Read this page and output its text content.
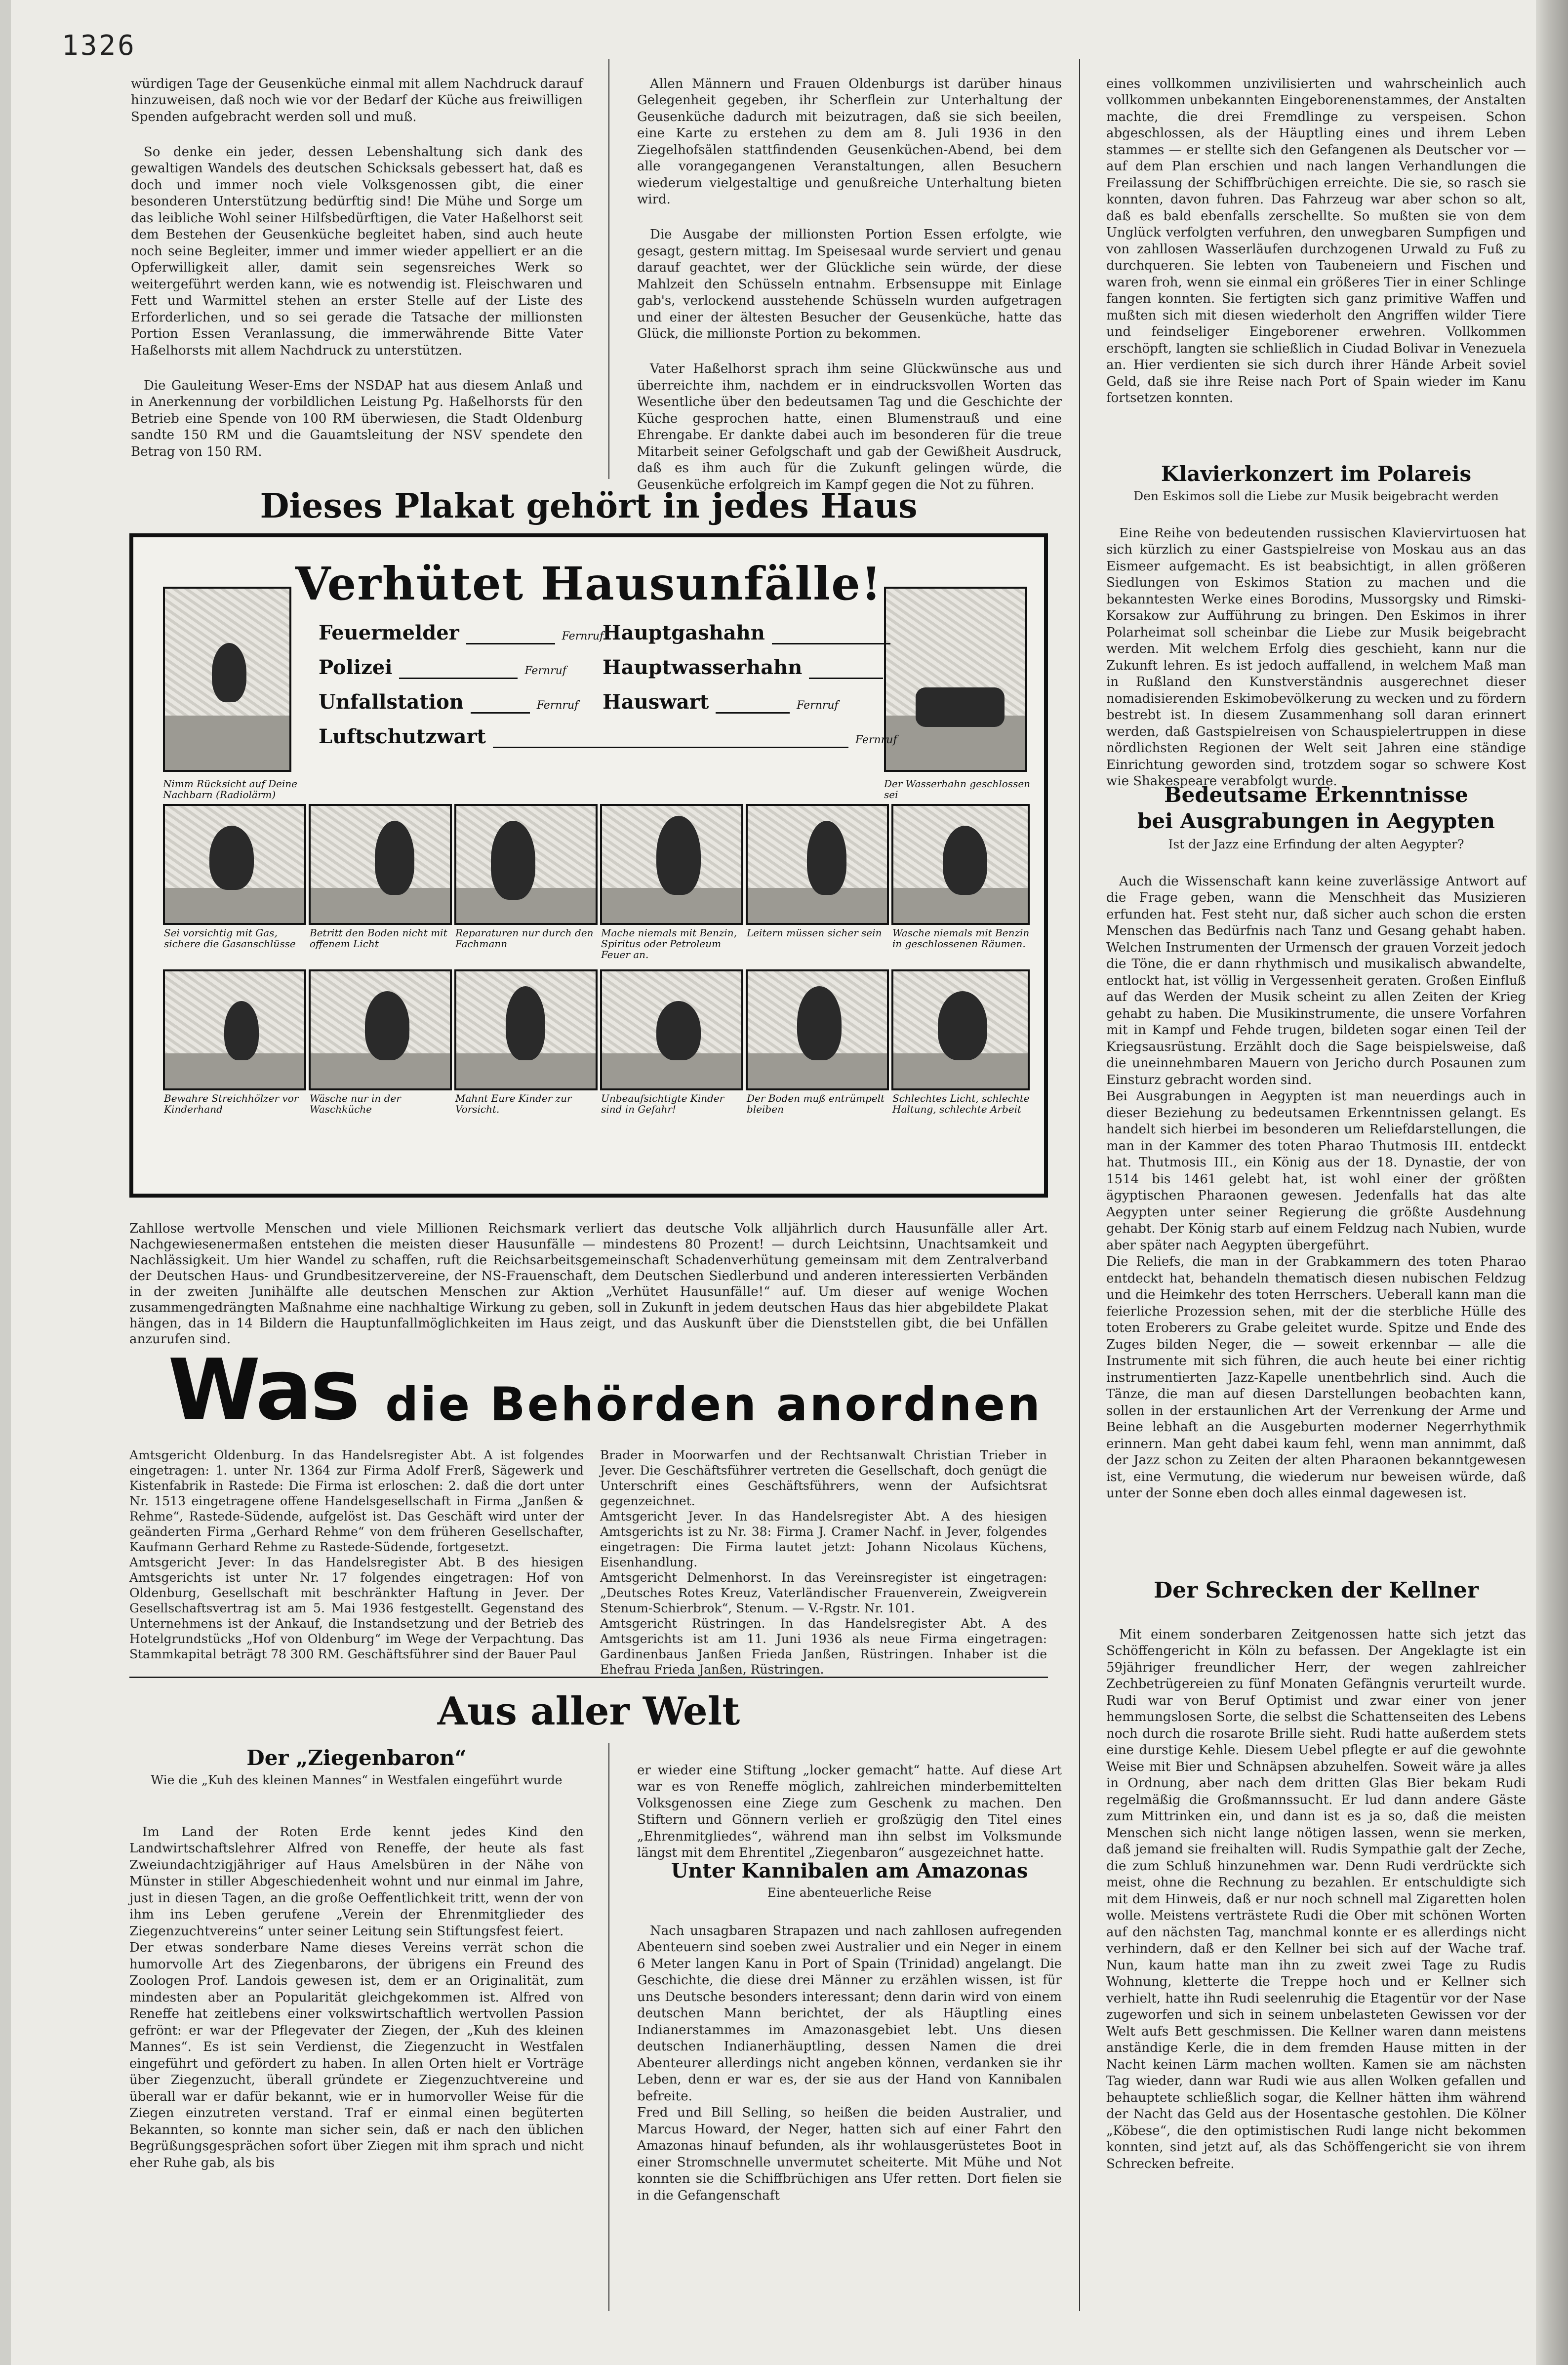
1326

würdigen Tage der Geusenküche einmal mit allem Nachdruck darauf hinzuweisen, daß noch wie vor der Bedarf der Küche aus freiwilligen Spenden aufgebracht werden soll und muß.

So denke ein jeder, dessen Lebenshaltung sich dank des gewaltigen Wandels des deutschen Schicksals gebessert hat, daß es doch und immer noch viele Volksgenossen gibt, die einer besonderen Unterstützung bedürftig sind! Die Mühe und Sorge um das leibliche Wohl seiner Hilfsbedürftigen, die Vater Haßelhorst seit dem Bestehen der Geusenküche begleitet haben, sind auch heute noch seine Begleiter, immer und immer wieder appelliert er an die Opferwilligkeit aller, damit sein segensreiches Werk so weitergeführt werden kann, wie es notwendig ist. Fleischwaren und Fett und Warmittel stehen an erster Stelle auf der Liste des Erforderlichen, und so sei gerade die Tatsache der millionsten Portion Essen Veranlassung, die immerwährende Bitte Vater Haßelhorsts mit allem Nachdruck zu unterstützen.

Die Gauleitung Weser-Ems der NSDAP hat aus diesem Anlaß und in Anerkennung der vorbildlichen Leistung Pg. Haßelhorsts für den Betrieb eine Spende von 100 RM überwiesen, die Stadt Oldenburg sandte 150 RM und die Gauamtsleitung der NSV spendete den Betrag von 150 RM.

Allen Männern und Frauen Oldenburgs ist darüber hinaus Gelegenheit gegeben, ihr Scherflein zur Unterhaltung der Geusenküche dadurch mit beizutragen, daß sie sich beeilen, eine Karte zu erstehen zu dem am 8. Juli 1936 in den Ziegelhofsälen stattfindenden Geusenküchen-Abend, bei dem alle vorangegangenen Veranstaltungen, allen Besuchern wiederum vielgestaltige und genußreiche Unterhaltung bieten wird.

Die Ausgabe der millionsten Portion Essen erfolgte, wie gesagt, gestern mittag. Im Speisesaal wurde serviert und genau darauf geachtet, wer der Glückliche sein würde, der diese Mahlzeit den Schüsseln entnahm. Erbsensuppe mit Einlage gab's, verlockend ausstehende Schüsseln wurden aufgetragen und einer der ältesten Besucher der Geusenküche, hatte das Glück, die millionste Portion zu bekommen.

Vater Haßelhorst sprach ihm seine Glückwünsche aus und überreichte ihm, nachdem er in eindrucksvollen Worten das Wesentliche über den bedeutsamen Tag und die Geschichte der Küche gesprochen hatte, einen Blumenstrauß und eine Ehrengabe. Er dankte dabei auch im besonderen für die treue Mitarbeit seiner Gefolgschaft und gab der Gewißheit Ausdruck, daß es ihm auch für die Zukunft gelingen würde, die Geusenküche erfolgreich im Kampf gegen die Not zu führen.

eines vollkommen unzivilisierten und wahrscheinlich auch vollkommen unbekannten Eingeborenenstammes, der Anstalten machte, die drei Fremdlinge zu verspeisen. Schon abgeschlossen, als der Häuptling eines und ihrem Leben stammes — er stellte sich den Gefangenen als Deutscher vor — auf dem Plan erschien und nach langen Verhandlungen die Freilassung der Schiffbrüchigen erreichte. Die sie, so rasch sie konnten, davon fuhren. Das Fahrzeug war aber schon so alt, daß es bald ebenfalls zerschellte. So mußten sie von dem Unglück verfolgten verfuhren, den unwegbaren Sumpfigen und von zahllosen Wasserläufen durchzogenen Urwald zu Fuß zu durchqueren. Sie lebten von Taubeneiern und Fischen und waren froh, wenn sie einmal ein größeres Tier in einer Schlinge fangen konnten. Sie fertigten sich ganz primitive Waffen und mußten sich mit diesen wiederholt den Angriffen wilder Tiere und feindseliger Eingeborener erwehren. Vollkommen erschöpft, langten sie schließlich in Ciudad Bolivar in Venezuela an. Hier verdienten sie sich durch ihrer Hände Arbeit soviel Geld, daß sie ihre Reise nach Port of Spain wieder im Kanu fortsetzen konnten.

Klavierkonzert im Polareis
Den Eskimos soll die Liebe zur Musik beigebracht werden

Eine Reihe von bedeutenden russischen Klaviervirtuosen hat sich kürzlich zu einer Gastspielreise von Moskau aus an das Eismeer aufgemacht. Es ist beabsichtigt, in allen größeren Siedlungen von Eskimos Station zu machen und die bekanntesten Werke eines Borodins, Mussorgsky und Rimski-Korsakow zur Aufführung zu bringen. Den Eskimos in ihrer Polarheimat soll scheinbar die Liebe zur Musik beigebracht werden. Mit welchem Erfolg dies geschieht, kann nur die Zukunft lehren. Es ist jedoch auffallend, in welchem Maß man in Rußland den Kunstverständnis ausgerechnet dieser nomadisierenden Eskimobevölkerung zu wecken und zu fördern bestrebt ist. In diesem Zusammenhang soll daran erinnert werden, daß Gastspielreisen von Schauspielertruppen in diese nördlichsten Regionen der Welt seit Jahren eine ständige Einrichtung geworden sind, trotzdem sogar so schwere Kost wie Shakespeare verabfolgt wurde.

Bedeutsame Erkenntnisse
bei Ausgrabungen in Aegypten
Ist der Jazz eine Erfindung der alten Aegypter?

Auch die Wissenschaft kann keine zuverlässige Antwort auf die Frage geben, wann die Menschheit das Musizieren erfunden hat. Fest steht nur, daß sicher auch schon die ersten Menschen das Bedürfnis nach Tanz und Gesang gehabt haben. Welchen Instrumenten der Urmensch der grauen Vorzeit jedoch die Töne, die er dann rhythmisch und musikalisch abwandelte, entlockt hat, ist völlig in Vergessenheit geraten. Großen Einfluß auf das Werden der Musik scheint zu allen Zeiten der Krieg gehabt zu haben. Die Musikinstrumente, die unsere Vorfahren mit in Kampf und Fehde trugen, bildeten sogar einen Teil der Kriegsausrüstung. Erzählt doch die Sage beispielsweise, daß die uneinnehmbaren Mauern von Jericho durch Posaunen zum Einsturz gebracht worden sind.
Bei Ausgrabungen in Aegypten ist man neuerdings auch in dieser Beziehung zu bedeutsamen Erkenntnissen gelangt. Es handelt sich hierbei im besonderen um Reliefdarstellungen, die man in der Kammer des toten Pharao Thutmosis III. entdeckt hat. Thutmosis III., ein König aus der 18. Dynastie, der von 1514 bis 1461 gelebt hat, ist wohl einer der größten ägyptischen Pharaonen gewesen. Jedenfalls hat das alte Aegypten unter seiner Regierung die größte Ausdehnung gehabt. Der König starb auf einem Feldzug nach Nubien, wurde aber später nach Aegypten übergeführt.
Die Reliefs, die man in der Grabkammern des toten Pharao entdeckt hat, behandeln thematisch diesen nubischen Feldzug und die Heimkehr des toten Herrschers. Ueberall kann man die feierliche Prozession sehen, mit der die sterbliche Hülle des toten Eroberers zu Grabe geleitet wurde. Spitze und Ende des Zuges bilden Neger, die — soweit erkennbar — alle die Instrumente mit sich führen, die auch heute bei einer richtig instrumentierten Jazz-Kapelle unentbehrlich sind. Auch die Tänze, die man auf diesen Darstellungen beobachten kann, sollen in der erstaunlichen Art der Verrenkung der Arme und Beine lebhaft an die Ausgeburten moderner Negerrhythmik erinnern. Man geht dabei kaum fehl, wenn man annimmt, daß der Jazz schon zu Zeiten der alten Pharaonen bekanntgewesen ist, eine Vermutung, die wiederum nur beweisen würde, daß unter der Sonne eben doch alles einmal dagewesen ist.

Der Schrecken der Kellner

Mit einem sonderbaren Zeitgenossen hatte sich jetzt das Schöffengericht in Köln zu befassen. Der Angeklagte ist ein 59jähriger freundlicher Herr, der wegen zahlreicher Zechbetrügereien zu fünf Monaten Gefängnis verurteilt wurde. Rudi war von Beruf Optimist und zwar einer von jener hemmungslosen Sorte, die selbst die Schattenseiten des Lebens noch durch die rosarote Brille sieht. Rudi hatte außerdem stets eine durstige Kehle. Diesem Uebel pflegte er auf die gewohnte Weise mit Bier und Schnäpsen abzuhelfen. Soweit wäre ja alles in Ordnung, aber nach dem dritten Glas Bier bekam Rudi regelmäßig die Großmannssucht. Er lud dann andere Gäste zum Mittrinken ein, und dann ist es ja so, daß die meisten Menschen sich nicht lange nötigen lassen, wenn sie merken, daß jemand sie freihalten will. Rudis Sympathie galt der Zeche, die zum Schluß hinzunehmen war. Denn Rudi verdrückte sich meist, ohne die Rechnung zu bezahlen. Er entschuldigte sich mit dem Hinweis, daß er nur noch schnell mal Zigaretten holen wolle. Meistens verträstete Rudi die Ober mit schönen Worten auf den nächsten Tag, manchmal konnte er es allerdings nicht verhindern, daß er den Kellner bei sich auf der Wache traf. Nun, kaum hatte man ihn zu zweit zwei Tage zu Rudis Wohnung, kletterte die Treppe hoch und er Kellner sich verhielt, hatte ihn Rudi seelenruhig die Etagentür vor der Nase zugeworfen und sich in seinem unbelasteten Gewissen vor der Welt aufs Bett geschmissen. Die Kellner waren dann meistens anständige Kerle, die in dem fremden Hause mitten in der Nacht keinen Lärm machen wollten. Kamen sie am nächsten Tag wieder, dann war Rudi wie aus allen Wolken gefallen und behauptete schließlich sogar, die Kellner hätten ihm während der Nacht das Geld aus der Hosentasche gestohlen. Die Kölner „Köbese“, die den optimistischen Rudi lange nicht bekommen konnten, sind jetzt auf, als das Schöffengericht sie von ihrem Schrecken befreite.

Dieses Plakat gehört in jedes Haus
Verhütet Hausunfälle!
Nimm Rücksicht auf Deine Nachbarn (Radiolärm)
Der Wasserhahn geschlossen sei
Feuermelder	Fernruf
Polizei	Fernruf
Unfallstation	Fernruf
Luftschutzwart	Fernruf
Hauptgashahn
Hauptwasserhahn
Hauswart	Fernruf
Sei vorsichtig mit Gas, sichere die Gasanschlüsse
Betritt den Boden nicht mit offenem Licht
Reparaturen nur durch den Fachmann
Mache niemals mit Benzin, Spiritus oder Petroleum Feuer an.
Leitern müssen sicher sein	Wasche niemals mit Benzin in geschlossenen Räumen.
Bewahre Streichhölzer vor Kinderhand
Wäsche nur in der Waschküche
Mahnt Eure Kinder zur Vorsicht.
Unbeaufsichtigte Kinder sind in Gefahr!
Der Boden muß entrümpelt bleiben
Schlechtes Licht, schlechte Haltung, schlechte Arbeit

Zahllose wertvolle Menschen und viele Millionen Reichsmark verliert das deutsche Volk alljährlich durch Hausunfälle aller Art. Nachgewiesenermaßen entstehen die meisten dieser Hausunfälle — mindestens 80 Prozent! — durch Leichtsinn, Unachtsamkeit und Nachlässigkeit. Um hier Wandel zu schaffen, ruft die Reichsarbeitsgemeinschaft Schadenverhütung gemeinsam mit dem Zentralverband der Deutschen Haus- und Grundbesitzervereine, der NS-Frauenschaft, dem Deutschen Siedlerbund und anderen interessierten Verbänden in der zweiten Junihälfte alle deutschen Menschen zur Aktion „Verhütet Hausunfälle!“ auf. Um dieser auf wenige Wochen zusammengedrängten Maßnahme eine nachhaltige Wirkung zu geben, soll in Zukunft in jedem deutschen Haus das hier abgebildete Plakat hängen, das in 14 Bildern die Hauptunfallmöglichkeiten im Haus zeigt, und das Auskunft über die Dienststellen gibt, die bei Unfällen anzurufen sind.

Was die Behörden anordnen

Amtsgericht Oldenburg. In das Handelsregister Abt. A ist folgendes eingetragen: 1. unter Nr. 1364 zur Firma Adolf Frerß, Sägewerk und Kistenfabrik in Rastede: Die Firma ist erloschen: 2. daß die dort unter Nr. 1513 eingetragene offene Handelsgesellschaft in Firma „Janßen & Rehme“, Rastede-Südende, aufgelöst ist. Das Geschäft wird unter der geänderten Firma „Gerhard Rehme“ von dem früheren Gesellschafter, Kaufmann Gerhard Rehme zu Rastede-Südende, fortgesetzt.
Amtsgericht Jever: In das Handelsregister Abt. B des hiesigen Amtsgerichts ist unter Nr. 17 folgendes eingetragen: Hof von Oldenburg, Gesellschaft mit beschränkter Haftung in Jever. Der Gesellschaftsvertrag ist am 5. Mai 1936 festgestellt. Gegenstand des Unternehmens ist der Ankauf, die Instandsetzung und der Betrieb des Hotelgrundstücks „Hof von Oldenburg“ im Wege der Verpachtung. Das Stammkapital beträgt 78 300 RM. Geschäftsführer sind der Bauer Paul

Brader in Moorwarfen und der Rechtsanwalt Christian Trieber in Jever. Die Geschäftsführer vertreten die Gesellschaft, doch genügt die Unterschrift eines Geschäftsführers, wenn der Aufsichtsrat gegenzeichnet.
Amtsgericht Jever. In das Handelsregister Abt. A des hiesigen Amtsgerichts ist zu Nr. 38: Firma J. Cramer Nachf. in Jever, folgendes eingetragen: Die Firma lautet jetzt: Johann Nicolaus Küchens, Eisenhandlung.
Amtsgericht Delmenhorst. In das Vereinsregister ist eingetragen: „Deutsches Rotes Kreuz, Vaterländischer Frauenverein, Zweigverein Stenum-Schierbrok“, Stenum. — V.-Rgstr. Nr. 101.
Amtsgericht Rüstringen. In das Handelsregister Abt. A des Amtsgerichts ist am 11. Juni 1936 als neue Firma eingetragen: Gardinenbaus Janßen Frieda Janßen, Rüstringen. Inhaber ist die Ehefrau Frieda Janßen, Rüstringen.

Aus aller Welt
Der „Ziegenbaron“
Wie die „Kuh des kleinen Mannes“ in Westfalen eingeführt wurde

Im Land der Roten Erde kennt jedes Kind den Landwirtschaftslehrer Alfred von Reneffe, der heute als fast Zweiundachtzigjähriger auf Haus Amelsbüren in der Nähe von Münster in stiller Abgeschiedenheit wohnt und nur einmal im Jahre, just in diesen Tagen, an die große Oeffentlichkeit tritt, wenn der von ihm ins Leben gerufene „Verein der Ehrenmitglieder des Ziegenzuchtvereins“ unter seiner Leitung sein Stiftungsfest feiert.
Der etwas sonderbare Name dieses Vereins verrät schon die humorvolle Art des Ziegenbarons, der übrigens ein Freund des Zoologen Prof. Landois gewesen ist, dem er an Originalität, zum mindesten aber an Popularität gleichgekommen ist. Alfred von Reneffe hat zeitlebens einer volkswirtschaftlich wertvollen Passion gefrönt: er war der Pflegevater der Ziegen, der „Kuh des kleinen Mannes“. Es ist sein Verdienst, die Ziegenzucht in Westfalen eingeführt und gefördert zu haben. In allen Orten hielt er Vorträge über Ziegenzucht, überall gründete er Ziegenzuchtvereine und überall war er dafür bekannt, wie er in humorvoller Weise für die Ziegen einzutreten verstand. Traf er einmal einen begüterten Bekannten, so konnte man sicher sein, daß er nach den üblichen Begrüßungsgesprächen sofort über Ziegen mit ihm sprach und nicht eher Ruhe gab, als bis

er wieder eine Stiftung „locker gemacht“ hatte. Auf diese Art war es von Reneffe möglich, zahlreichen minderbemittelten Volksgenossen eine Ziege zum Geschenk zu machen. Den Stiftern und Gönnern verlieh er großzügig den Titel eines „Ehrenmitgliedes“, während man ihn selbst im Volksmunde längst mit dem Ehrentitel „Ziegenbaron“ ausgezeichnet hatte.

Unter Kannibalen am Amazonas
Eine abenteuerliche Reise

Nach unsagbaren Strapazen und nach zahllosen aufregenden Abenteuern sind soeben zwei Australier und ein Neger in einem 6 Meter langen Kanu in Port of Spain (Trinidad) angelangt. Die Geschichte, die diese drei Männer zu erzählen wissen, ist für uns Deutsche besonders interessant; denn darin wird von einem deutschen Mann berichtet, der als Häuptling eines Indianerstammes im Amazonasgebiet lebt. Uns diesen deutschen Indianerhäuptling, dessen Namen die drei Abenteurer allerdings nicht angeben können, verdanken sie ihr Leben, denn er war es, der sie aus der Hand von Kannibalen befreite.
Fred und Bill Selling, so heißen die beiden Australier, und Marcus Howard, der Neger, hatten sich auf einer Fahrt den Amazonas hinauf befunden, als ihr wohlausgerüstetes Boot in einer Stromschnelle unvermutet scheiterte. Mit Mühe und Not konnten sie die Schiffbrüchigen ans Ufer retten. Dort fielen sie in die Gefangenschaft
